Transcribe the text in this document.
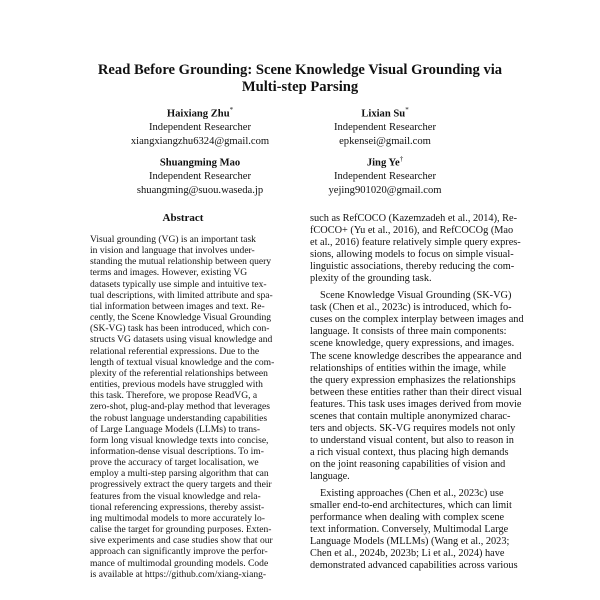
Read Before Grounding: Scene Knowledge Visual Grounding via
Multi-step Parsing
Haixiang Zhu*
Independent Researcher
xiangxiangzhu6324@gmail.com
Lixian Su*
Independent Researcher
epkensei@gmail.com
Shuangming Mao
Independent Researcher
shuangming@suou.waseda.jp
Jing Ye†
Independent Researcher
yejing901020@gmail.com
Abstract
Visual grounding (VG) is an important task
in vision and language that involves under-
standing the mutual relationship between query
terms and images. However, existing VG
datasets typically use simple and intuitive tex-
tual descriptions, with limited attribute and spa-
tial information between images and text. Re-
cently, the Scene Knowledge Visual Grounding
(SK-VG) task has been introduced, which con-
structs VG datasets using visual knowledge and
relational referential expressions. Due to the
length of textual visual knowledge and the com-
plexity of the referential relationships between
entities, previous models have struggled with
this task. Therefore, we propose ReadVG, a
zero-shot, plug-and-play method that leverages
the robust language understanding capabilities
of Large Language Models (LLMs) to trans-
form long visual knowledge texts into concise,
information-dense visual descriptions. To im-
prove the accuracy of target localisation, we
employ a multi-step parsing algorithm that can
progressively extract the query targets and their
features from the visual knowledge and rela-
tional referencing expressions, thereby assist-
ing multimodal models to more accurately lo-
calise the target for grounding purposes. Exten-
sive experiments and case studies show that our
approach can significantly improve the perfor-
mance of multimodal grounding models. Code
is available at https://github.com/xiang-xiang-

such as RefCOCO (Kazemzadeh et al., 2014), Re-
fCOCO+ (Yu et al., 2016), and RefCOCOg (Mao
et al., 2016) feature relatively simple query expres-
sions, allowing models to focus on simple visual-
linguistic associations, thereby reducing the com-
plexity of the grounding task.

Scene Knowledge Visual Grounding (SK-VG)
task (Chen et al., 2023c) is introduced, which fo-
cuses on the complex interplay between images and
language. It consists of three main components:
scene knowledge, query expressions, and images.
The scene knowledge describes the appearance and
relationships of entities within the image, while
the query expression emphasizes the relationships
between these entities rather than their direct visual
features. This task uses images derived from movie
scenes that contain multiple anonymized charac-
ters and objects. SK-VG requires models not only
to understand visual content, but also to reason in
a rich visual context, thus placing high demands
on the joint reasoning capabilities of vision and
language.

Existing approaches (Chen et al., 2023c) use
smaller end-to-end architectures, which can limit
performance when dealing with complex scene
text information. Conversely, Multimodal Large
Language Models (MLLMs) (Wang et al., 2023;
Chen et al., 2024b, 2023b; Li et al., 2024) have
demonstrated advanced capabilities across various
